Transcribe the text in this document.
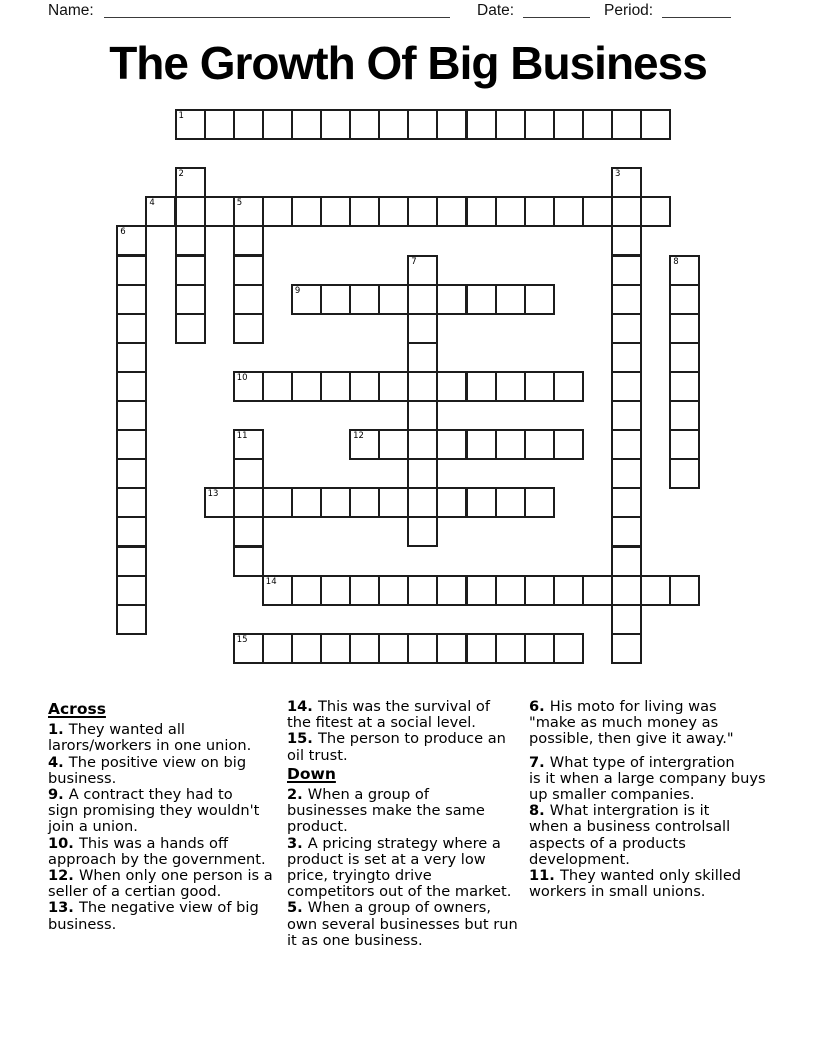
Name:	Date:	Period:
The Growth Of Big Business
1
2	3
4	5
6
7	8
9
10
11	12
13
14
15
Across
1. They wanted all
larors/workers in one union.
4. The positive view on big
business.
9. A contract they had to
sign promising they wouldn't
join a union.
10. This was a hands off
approach by the government.
12. When only one person is a
seller of a certian good.
13. The negative view of big
business.
14. This was the survival of
the fitest at a social level.
15. The person to produce an
oil trust.
Down
2. When a group of
businesses make the same
product.
3. A pricing strategy where a
product is set at a very low
price, tryingto drive
competitors out of the market.
5. When a group of owners,
own several businesses but run
it as one business.
6. His moto for living was
"make as much money as
possible, then give it away."
7. What type of intergration
is it when a large company buys
up smaller companies.
8. What intergration is it
when a business controlsall
aspects of a products
development.
11. They wanted only skilled
workers in small unions.
